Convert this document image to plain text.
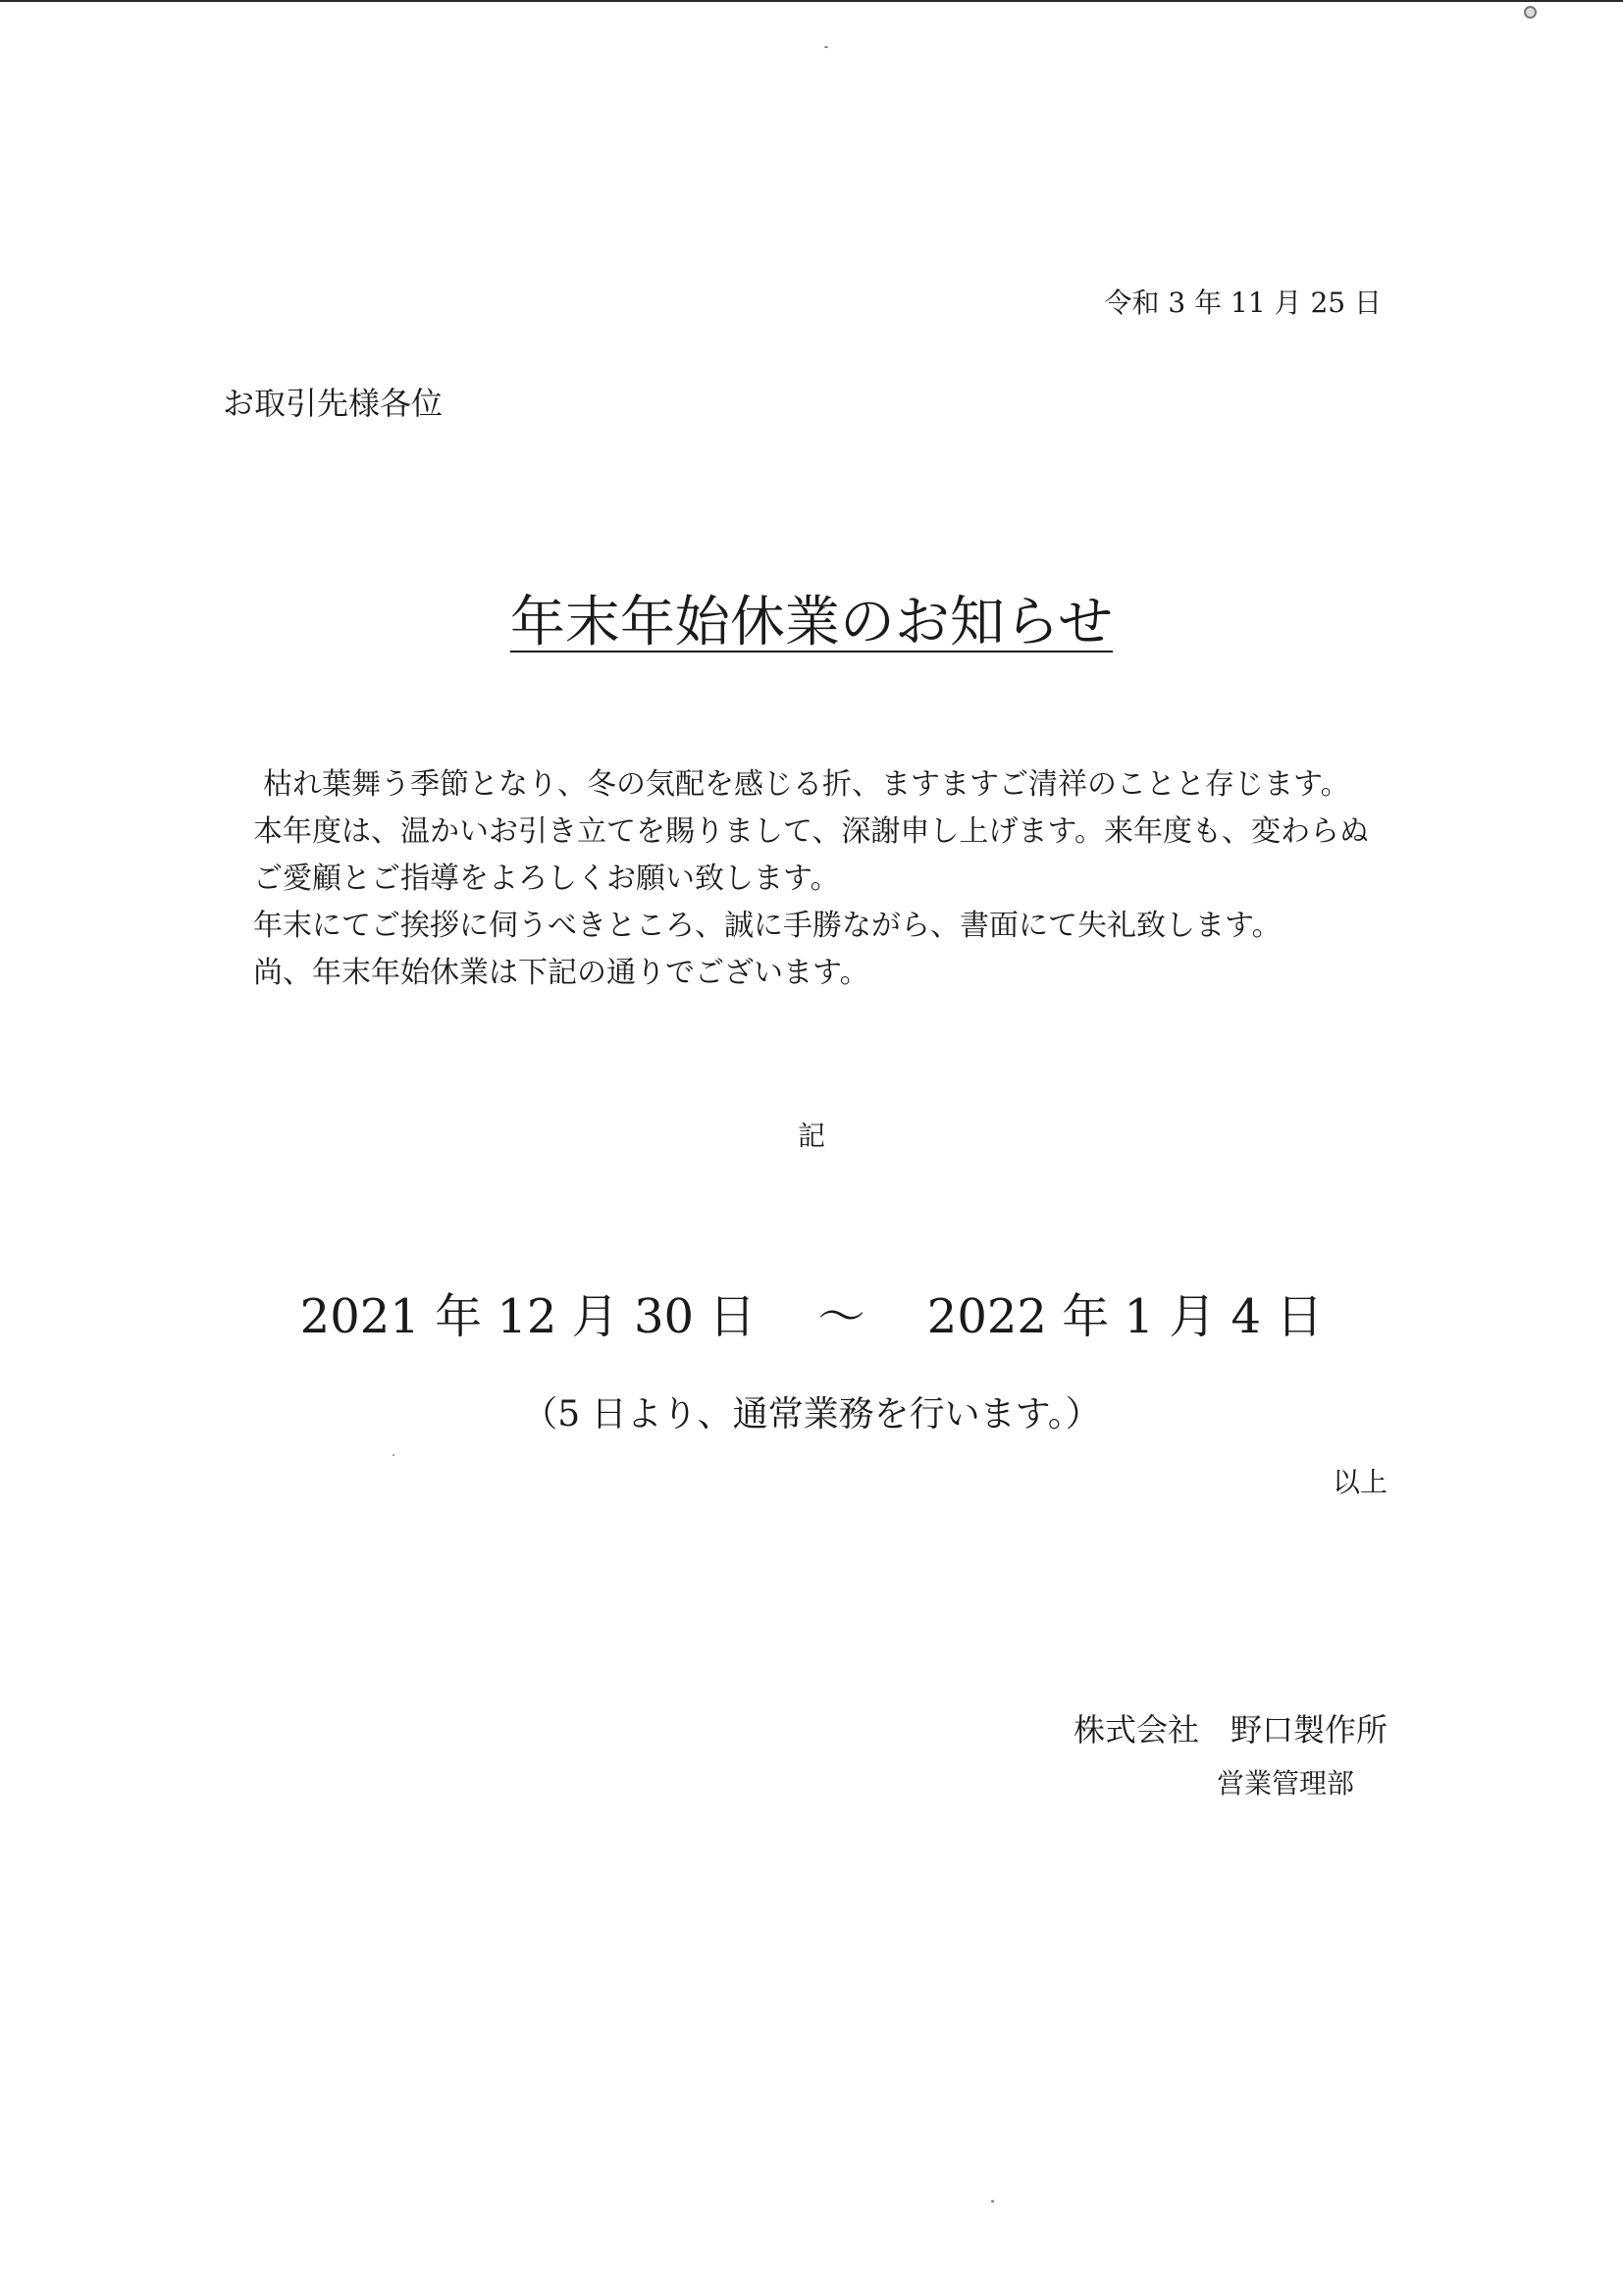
令和 3 年 11 月 25 日
お取引先様各位
年末年始休業のお知らせ

枯れ葉舞う季節となり、冬の気配を感じる折、ますますご清祥のことと存じます。

本年度は、温かいお引き立てを賜りまして、深謝申し上げます。来年度も、変わらぬ

ご愛顧とご指導をよろしくお願い致します。

年末にてご挨拶に伺うべきところ、誠に手勝ながら、書面にて失礼致します。

尚、年末年始休業は下記の通りでございます。

記
2021 年 12 月 30 日　 ～ 　2022 年 1 月 4 日
（5 日より、通常業務を行います。）
以上
株式会社　野口製作所
営業管理部
